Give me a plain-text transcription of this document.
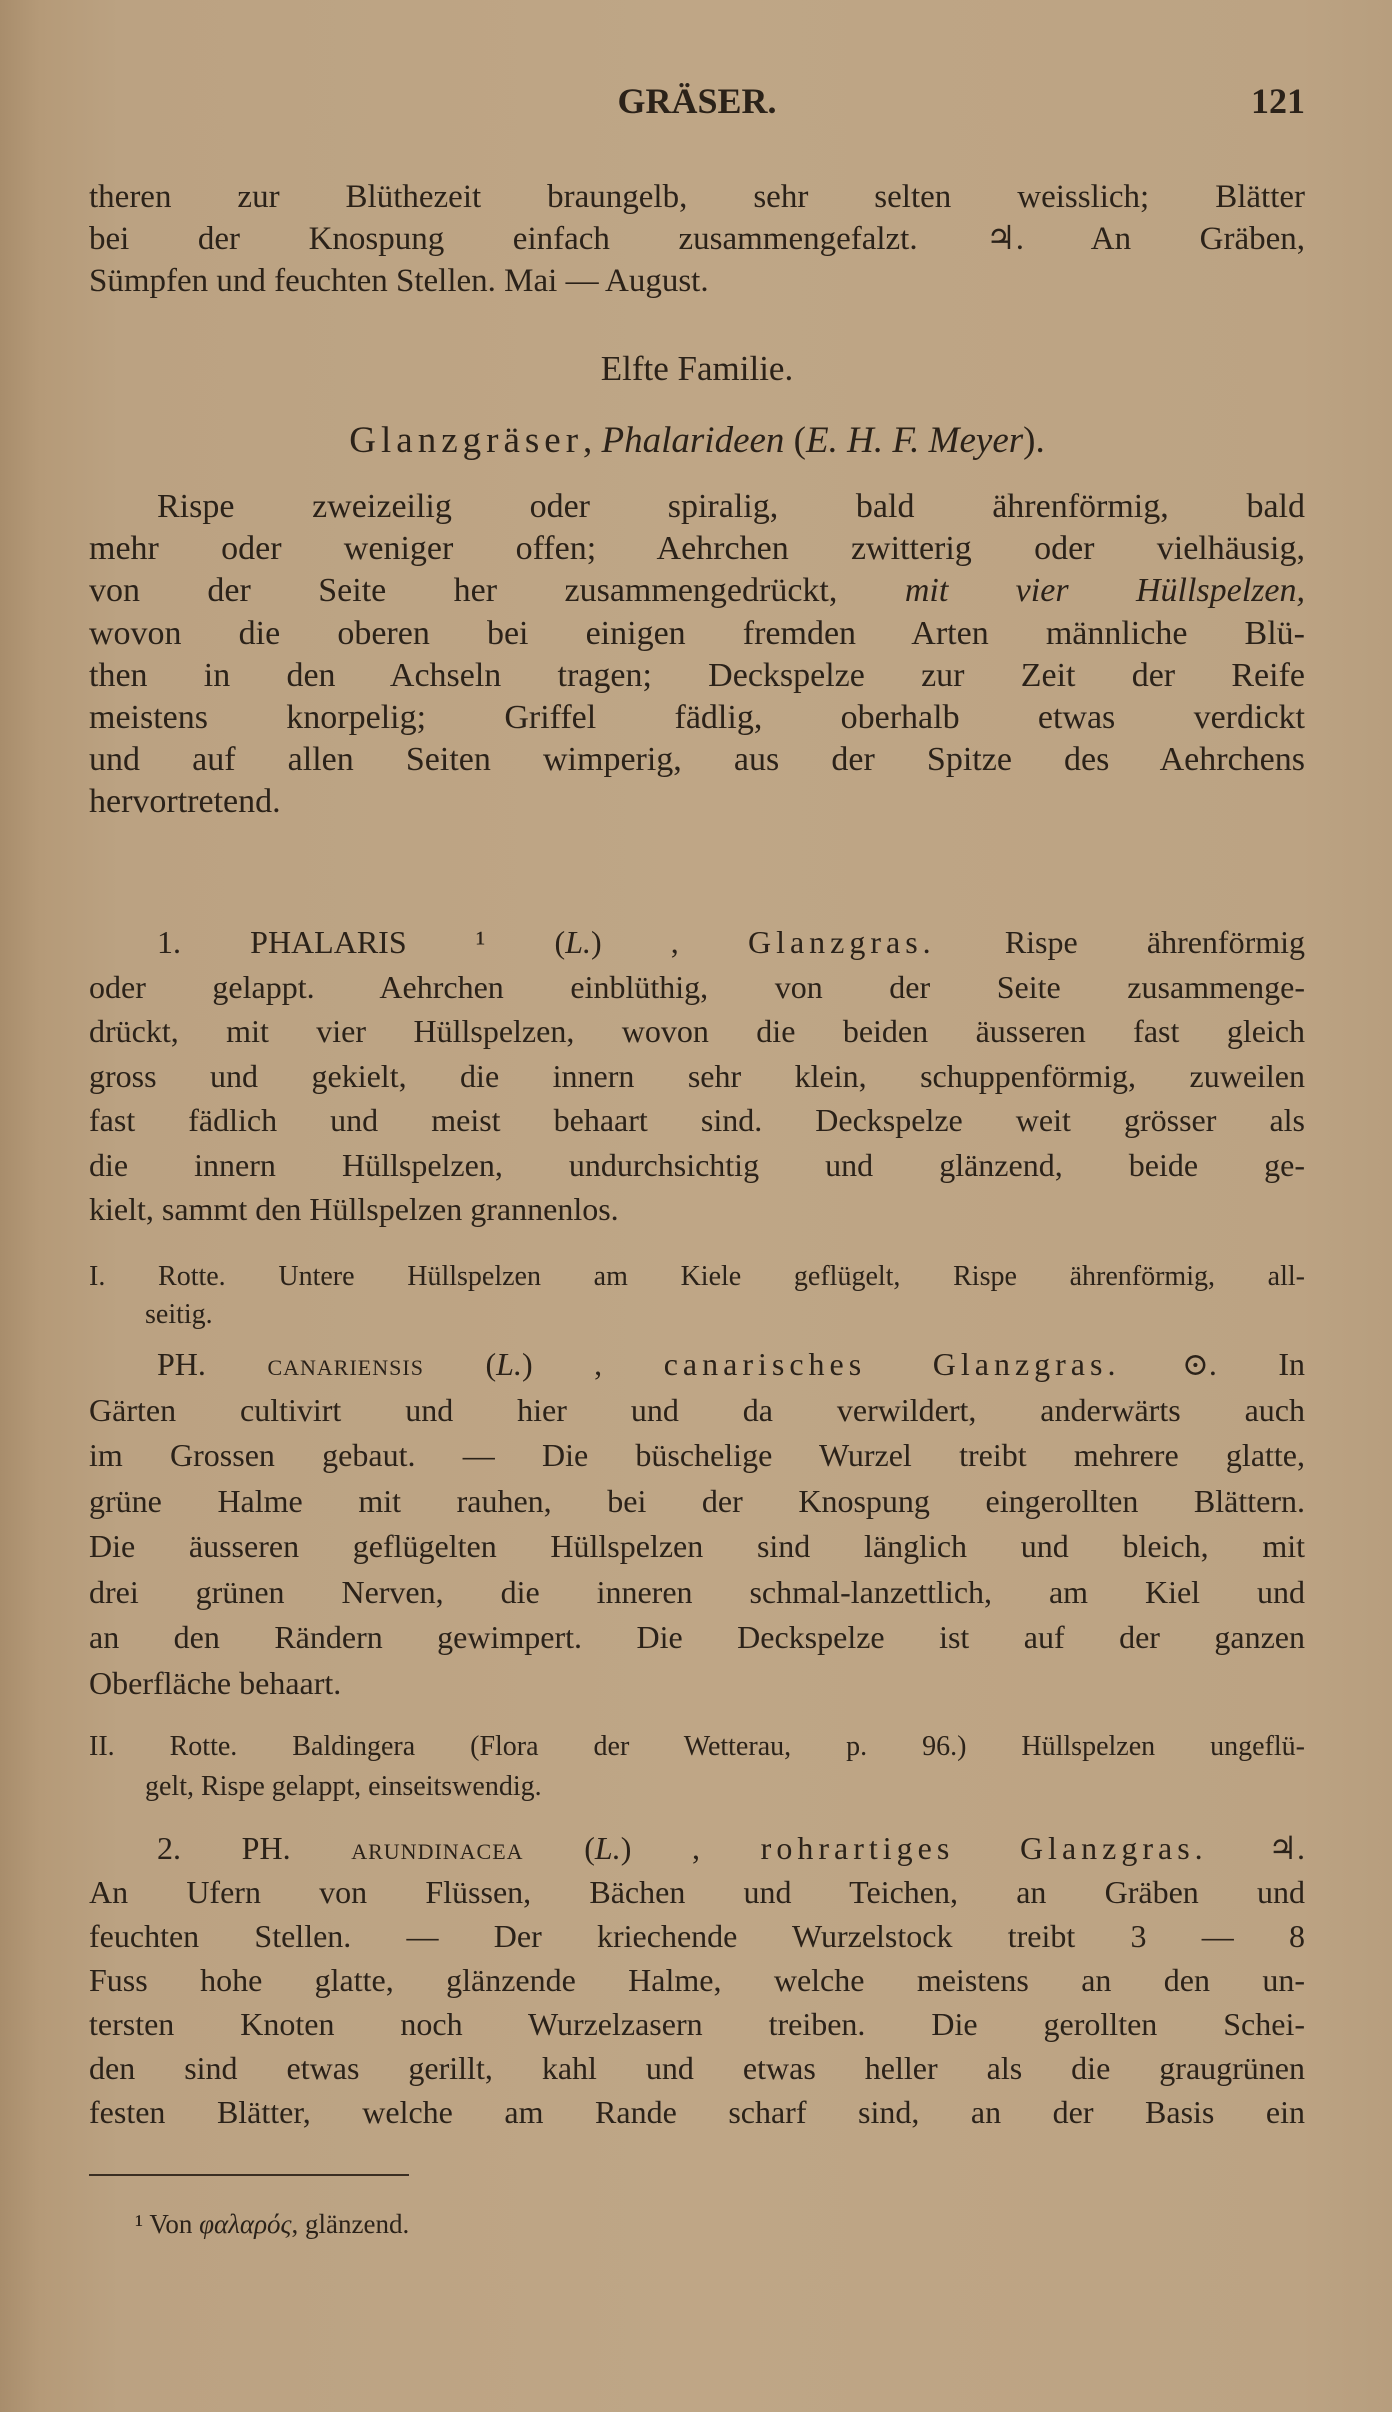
GRÄSER.	121
theren zur Blüthezeit braungelb, sehr selten weisslich; Blätter
bei der Knospung einfach zusammengefalzt. ♃. An Gräben,
Sümpfen und feuchten Stellen. Mai — August.
Elfte Familie.
Glanzgräser, Phalarideen (E. H. F. Meyer).
Rispe zweizeilig oder spiralig, bald ährenförmig, bald
mehr oder weniger offen; Aehrchen zwitterig oder vielhäusig,
von der Seite her zusammengedrückt, mit vier Hüllspelzen,
wovon die oberen bei einigen fremden Arten männliche Blü-
then in den Achseln tragen; Deckspelze zur Zeit der Reife
meistens knorpelig; Griffel fädlig, oberhalb etwas verdickt
und auf allen Seiten wimperig, aus der Spitze des Aehrchens
hervortretend.
1. PHALARIS ¹ (L.) , Glanzgras. Rispe ährenförmig
oder gelappt. Aehrchen einblüthig, von der Seite zusammenge-
drückt, mit vier Hüllspelzen, wovon die beiden äusseren fast gleich
gross und gekielt, die innern sehr klein, schuppenförmig, zuweilen
fast fädlich und meist behaart sind. Deckspelze weit grösser als
die innern Hüllspelzen, undurchsichtig und glänzend, beide ge-
kielt, sammt den Hüllspelzen grannenlos.
I. Rotte. Untere Hüllspelzen am Kiele geflügelt, Rispe ährenförmig, all-
seitig.
PH. canariensis (L.) , canarisches Glanzgras. ⊙. In
Gärten cultivirt und hier und da verwildert, anderwärts auch
im Grossen gebaut. — Die büschelige Wurzel treibt mehrere glatte,
grüne Halme mit rauhen, bei der Knospung eingerollten Blättern.
Die äusseren geflügelten Hüllspelzen sind länglich und bleich, mit
drei grünen Nerven, die inneren schmal-lanzettlich, am Kiel und
an den Rändern gewimpert. Die Deckspelze ist auf der ganzen
Oberfläche behaart.
II. Rotte. Baldingera (Flora der Wetterau, p. 96.) Hüllspelzen ungeflü-
gelt, Rispe gelappt, einseitswendig.
2. PH. arundinacea (L.) , rohrartiges Glanzgras. ♃.
An Ufern von Flüssen, Bächen und Teichen, an Gräben und
feuchten Stellen. — Der kriechende Wurzelstock treibt 3 — 8
Fuss hohe glatte, glänzende Halme, welche meistens an den un-
tersten Knoten noch Wurzelzasern treiben. Die gerollten Schei-
den sind etwas gerillt, kahl und etwas heller als die graugrünen
festen Blätter, welche am Rande scharf sind, an der Basis ein
¹ Von φαλαρός, glänzend.
